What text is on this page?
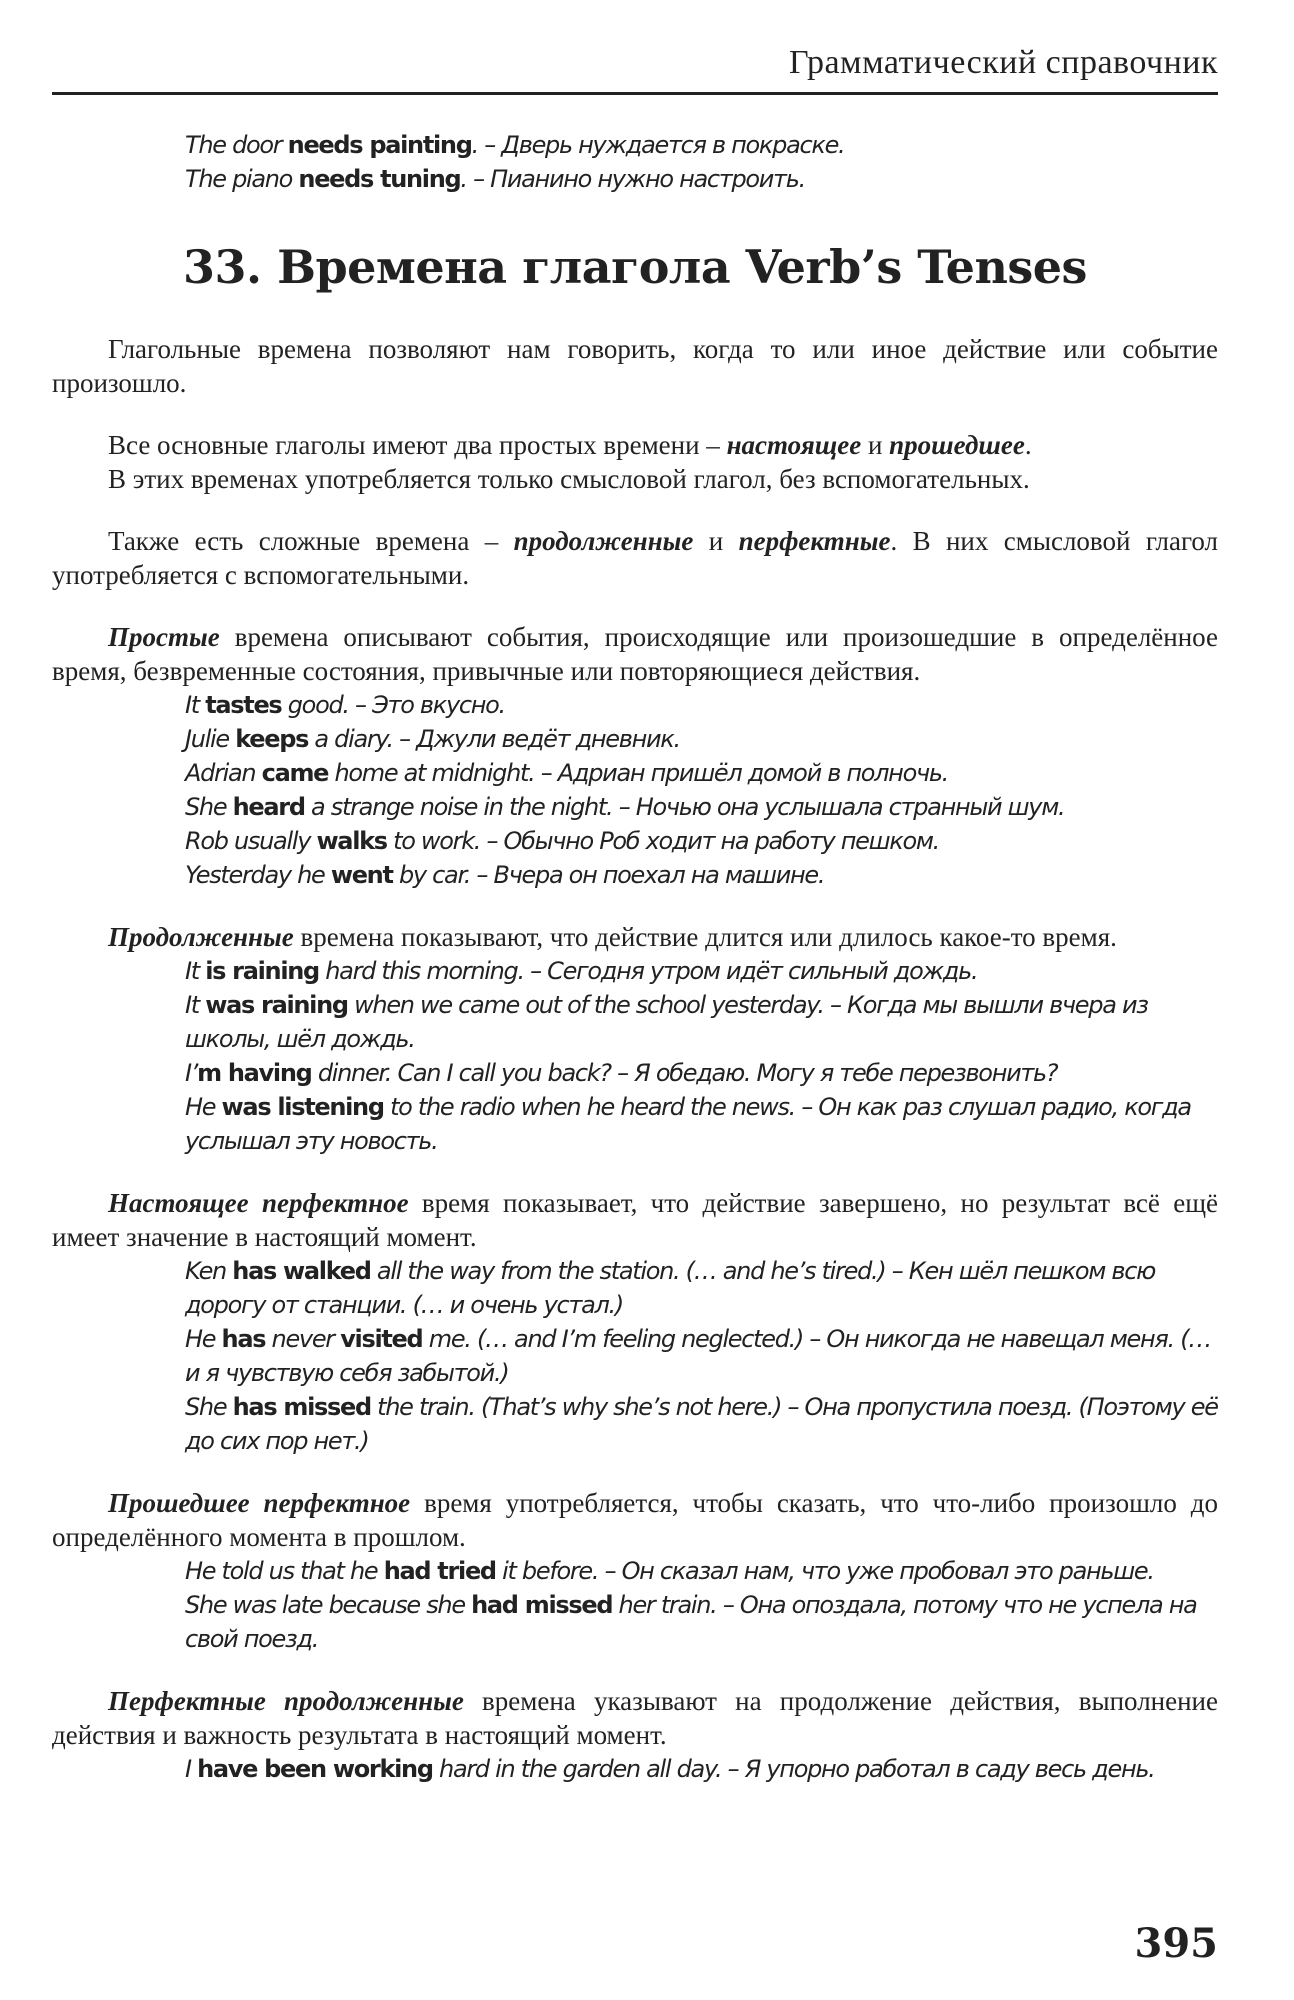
Грамматический справочник
The door needs painting. – Дверь нуждается в покраске.
The piano needs tuning. – Пианино нужно настроить.
33. Времена глагола Verb’s Tenses
Глагольные времена позволяют нам говорить, когда то или иное действие или событие произошло.
Все основные глаголы имеют два простых времени – настоящее и прошедшее.
В этих временах употребляется только смысловой глагол, без вспомогательных.
Также есть сложные времена – продолженные и перфектные. В них смысловой глагол употребляется с вспомогательными.
Простые времена описывают события, происходящие или произошедшие в определённое время, безвременные состояния, привычные или повторяющиеся действия.
It tastes good. – Это вкусно.
Julie keeps a diary. – Джули ведёт дневник.
Adrian came home at midnight. – Адриан пришёл домой в полночь.
She heard a strange noise in the night. – Ночью она услышала странный шум.
Rob usually walks to work. – Обычно Роб ходит на работу пешком.
Yesterday he went by car. – Вчера он поехал на машине.
Продолженные времена показывают, что действие длится или длилось какое-то время.
It is raining hard this morning. – Сегодня утром идёт сильный дождь.
It was raining when we came out of the school yesterday. – Когда мы вышли вчера из школы, шёл дождь.
I’m having dinner. Can I call you back? – Я обедаю. Могу я тебе перезвонить?
He was listening to the radio when he heard the news. – Он как раз слушал радио, когда услышал эту новость.
Настоящее перфектное время показывает, что действие завершено, но результат всё ещё имеет значение в настоящий момент.
Ken has walked all the way from the station. (… and he’s tired.) – Кен шёл пешком всю дорогу от станции. (… и очень устал.)
He has never visited me. (… and I’m feeling neglected.) – Он никогда не навещал меня. (… и я чувствую себя забытой.)
She has missed the train. (That’s why she’s not here.) – Она пропустила поезд. (Поэтому её до сих пор нет.)
Прошедшее перфектное время употребляется, чтобы сказать, что что-либо произошло до определённого момента в прошлом.
He told us that he had tried it before. – Он сказал нам, что уже пробовал это раньше.
She was late because she had missed her train. – Она опоздала, потому что не успела на свой поезд.
Перфектные продолженные времена указывают на продолжение действия, выполнение действия и важность результата в настоящий момент.
I have been working hard in the garden all day. – Я упорно работал в саду весь день.
395
